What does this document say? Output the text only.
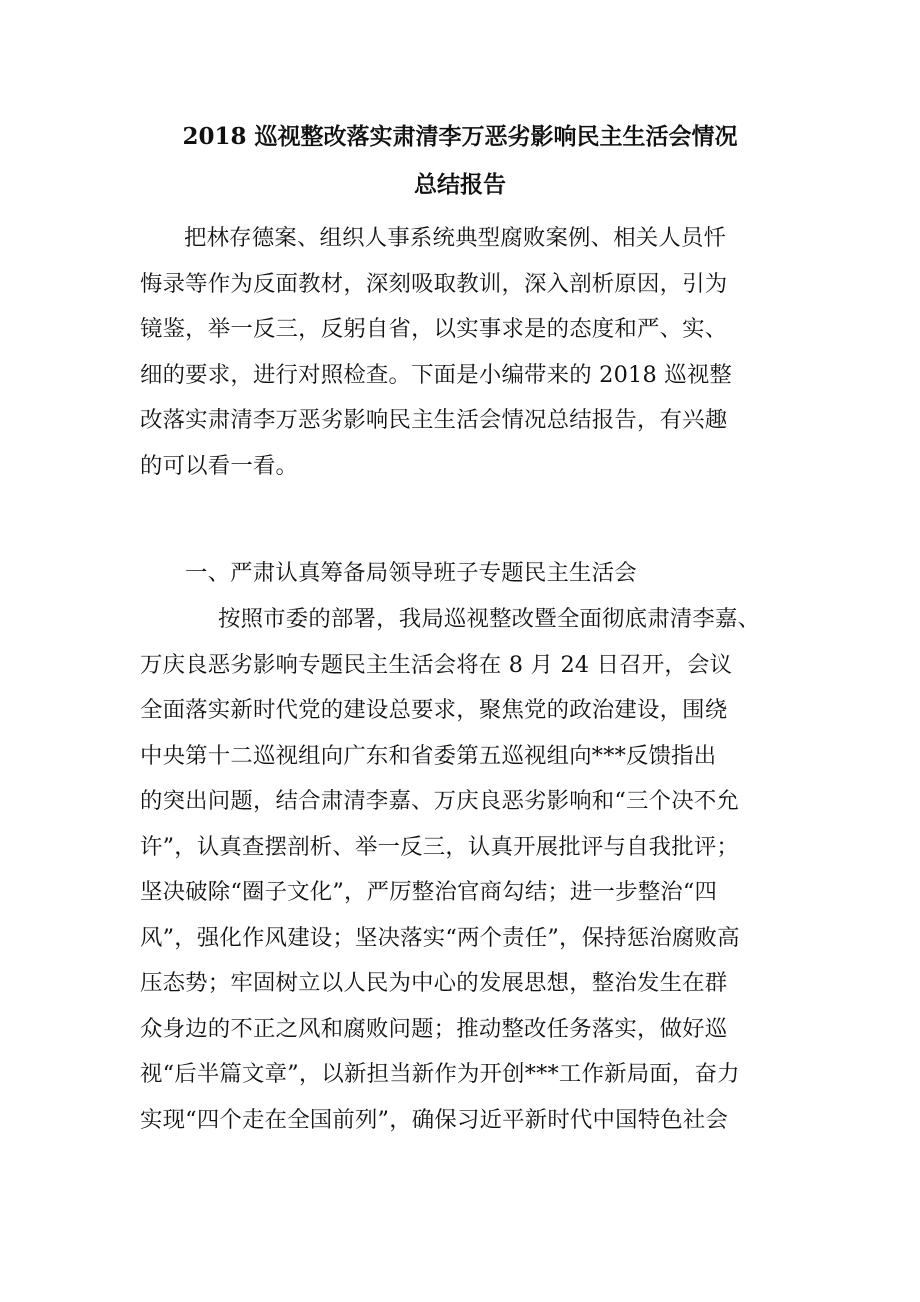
2018 巡视整改落实肃清李万恶劣影响民主生活会情况
总结报告
把林存德案、组织人事系统典型腐败案例、相关人员忏
悔录等作为反面教材，深刻吸取教训，深入剖析原因，引为
镜鉴，举一反三，反躬自省，以实事求是的态度和严、实、
细的要求，进行对照检查。下面是小编带来的 2018 巡视整
改落实肃清李万恶劣影响民主生活会情况总结报告，有兴趣
的可以看一看。
一、严肃认真筹备局领导班子专题民主生活会
按照市委的部署，我局巡视整改暨全面彻底肃清李嘉、
万庆良恶劣影响专题民主生活会将在 8 月 24 日召开，会议
全面落实新时代党的建设总要求，聚焦党的政治建设，围绕
中央第十二巡视组向广东和省委第五巡视组向***反馈指出
的突出问题，结合肃清李嘉、万庆良恶劣影响和“三个决不允
许”，认真查摆剖析、举一反三，认真开展批评与自我批评；
坚决破除“圈子文化”，严厉整治官商勾结；进一步整治“四
风”，强化作风建设；坚决落实“两个责任”，保持惩治腐败高
压态势；牢固树立以人民为中心的发展思想，整治发生在群
众身边的不正之风和腐败问题；推动整改任务落实，做好巡
视“后半篇文章”，以新担当新作为开创***工作新局面，奋力
实现“四个走在全国前列”，确保习近平新时代中国特色社会
